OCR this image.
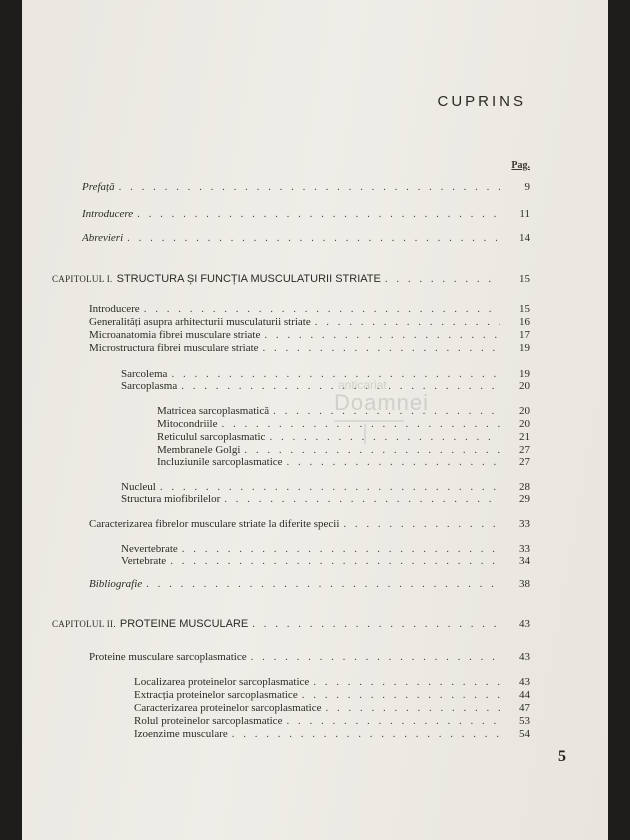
CUPRINS
Pag.
Prefață . . .	9
Introducere . . .	11
Abrevieri . . .	14
CAPITOLUL I. STRUCTURA ȘI FUNCȚIA MUSCULATURII STRIATE . . .	15
Introducere . . .	15
Generalități asupra arhitecturii musculaturii striate . . .	16
Microanatomia fibrei musculare striate . . .	17
Microstructura fibrei musculare striate . . .	19
Sarcolema . . .	19
Sarcoplasma . . .	20
Matricea sarcoplasmatică . . .	20
Mitocondriile . . .	20
Reticulul sarcoplasmatic . . .	21
Membranele Golgi . . .	27
Incluziunile sarcoplasmatice . . .	27
Nucleul . . .	28
Structura miofibrilelor . . .	29
Caracterizarea fibrelor musculare striate la diferite specii . . .	33
Nevertebrate . . .	33
Vertebrate . . .	34
Bibliografie . . .	38
CAPITOLUL II. PROTEINE MUSCULARE . . .	43
Proteine musculare sarcoplasmatice . . .	43
Localizarea proteinelor sarcoplasmatice . . .	43
Extracția proteinelor sarcoplasmatice . . .	44
Caracterizarea proteinelor sarcoplasmatice . . .	47
Rolul proteinelor sarcoplasmatice . . .	53
Izoenzime musculare . . .	54
5
anticariat
Doamnei
